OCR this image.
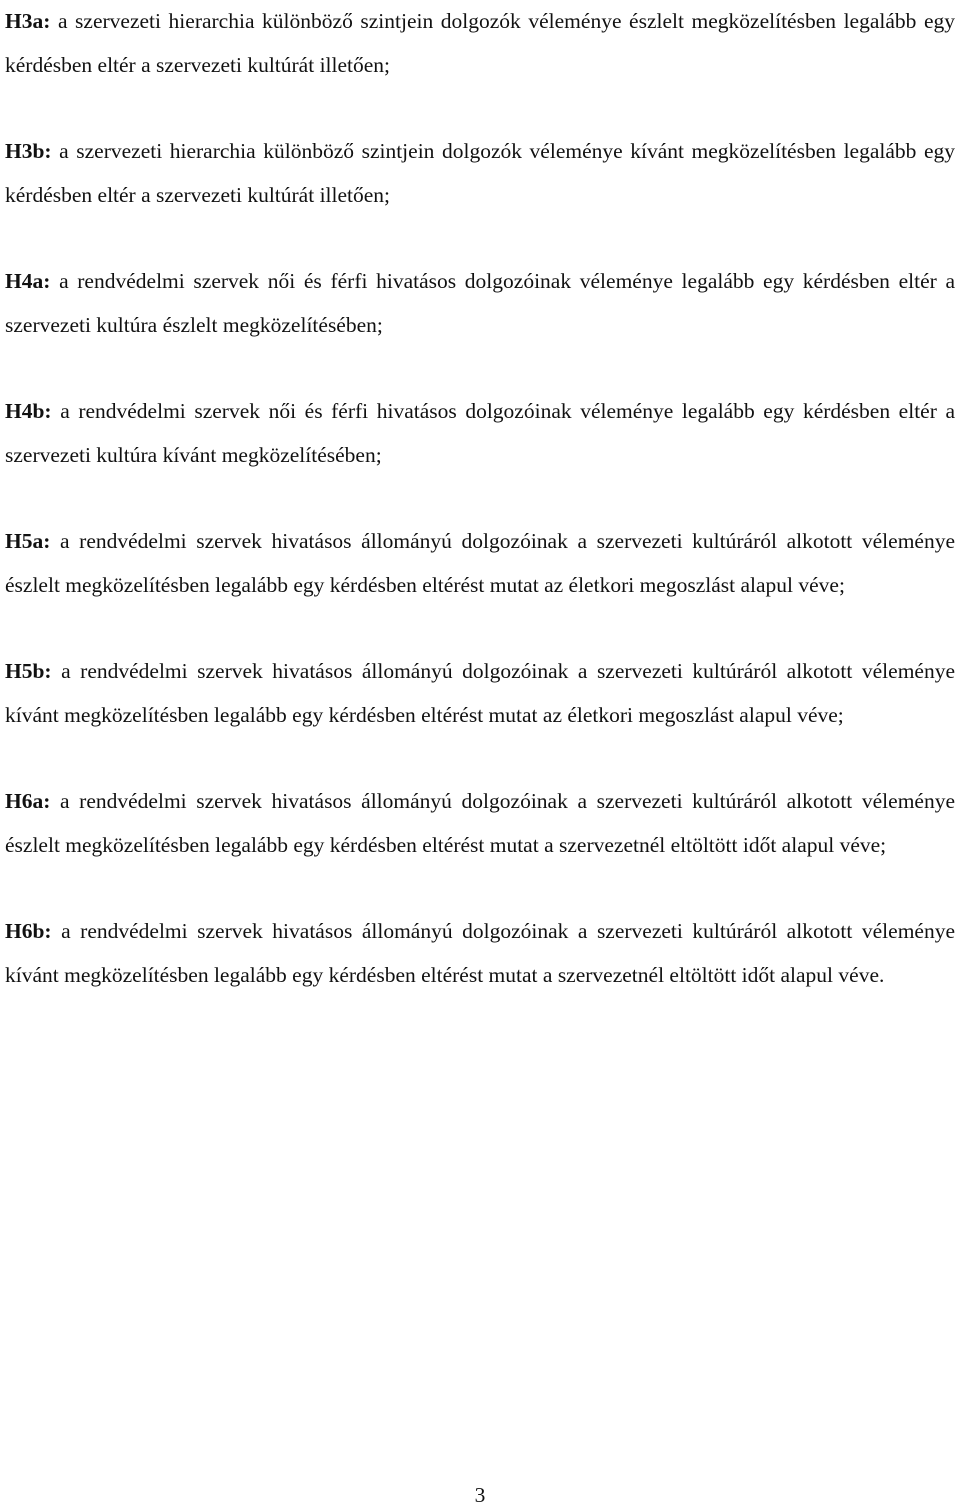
H3a: a szervezeti hierarchia különböző szintjein dolgozók véleménye észlelt megközelítésben legalább egy kérdésben eltér a szervezeti kultúrát illetően;

H3b: a szervezeti hierarchia különböző szintjein dolgozók véleménye kívánt megközelítésben legalább egy kérdésben eltér a szervezeti kultúrát illetően;

H4a: a rendvédelmi szervek női és férfi hivatásos dolgozóinak véleménye legalább egy kérdésben eltér a szervezeti kultúra észlelt megközelítésében;

H4b: a rendvédelmi szervek női és férfi hivatásos dolgozóinak véleménye legalább egy kérdésben eltér a szervezeti kultúra kívánt megközelítésében;

H5a: a rendvédelmi szervek hivatásos állományú dolgozóinak a szervezeti kultúráról alkotott véleménye észlelt megközelítésben legalább egy kérdésben eltérést mutat az életkori megoszlást alapul véve;

H5b: a rendvédelmi szervek hivatásos állományú dolgozóinak a szervezeti kultúráról alkotott véleménye kívánt megközelítésben legalább egy kérdésben eltérést mutat az életkori megoszlást alapul véve;

H6a: a rendvédelmi szervek hivatásos állományú dolgozóinak a szervezeti kultúráról alkotott véleménye észlelt megközelítésben legalább egy kérdésben eltérést mutat a szervezetnél eltöltött időt alapul véve;

H6b: a rendvédelmi szervek hivatásos állományú dolgozóinak a szervezeti kultúráról alkotott véleménye kívánt megközelítésben legalább egy kérdésben eltérést mutat a szervezetnél eltöltött időt alapul véve.

3
